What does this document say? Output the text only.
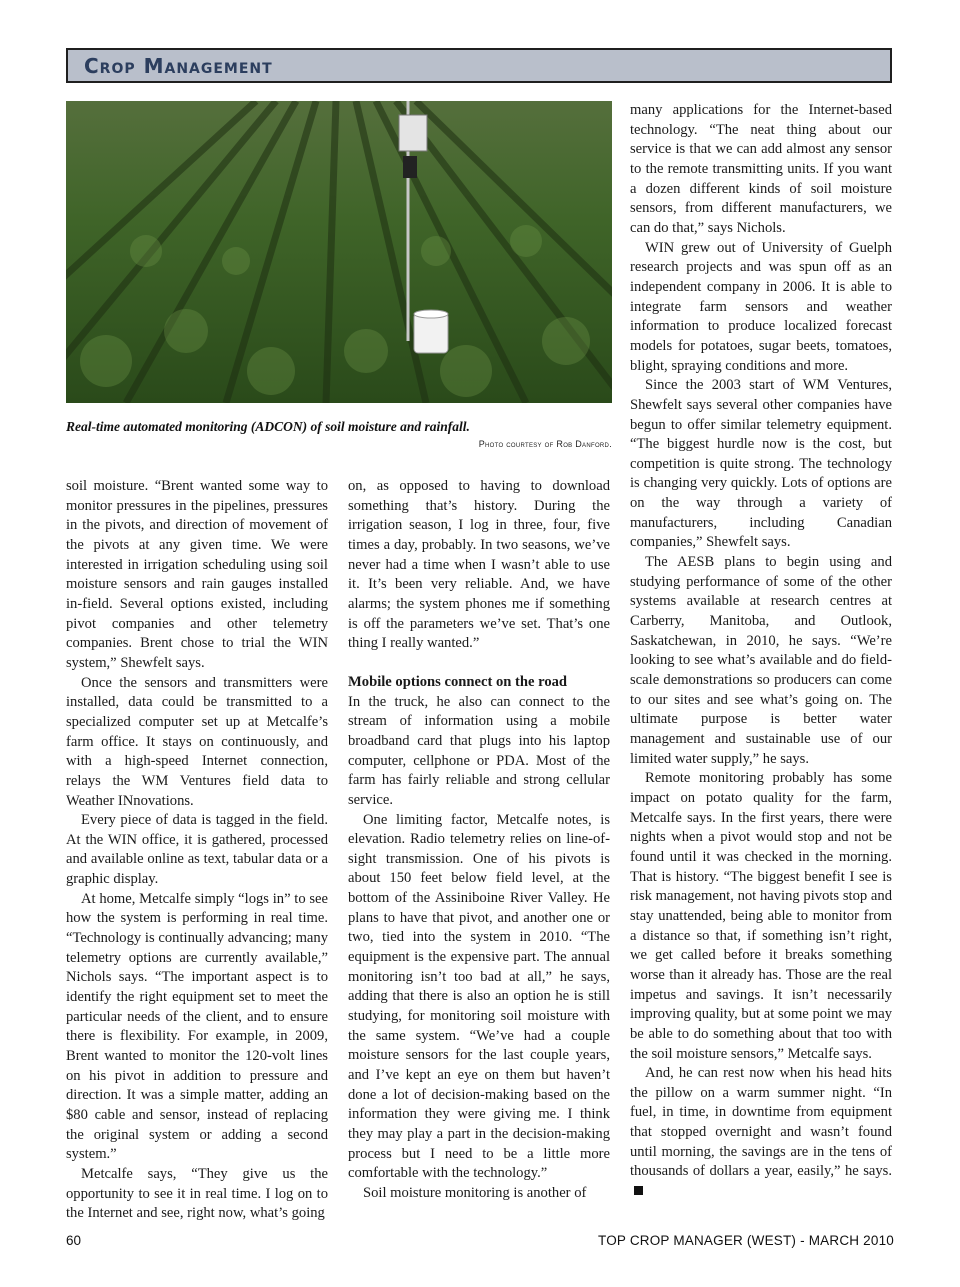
Crop Management
Real-time automated monitoring (ADCON) of soil moisture and rainfall.
Photo courtesy of Rob Danford.

soil moisture. “Brent wanted some way to monitor pressures in the pipelines, pressures in the pivots, and direction of movement of the pivots at any given time. We were interested in irrigation scheduling using soil moisture sensors and rain gauges installed in-field. Several options existed, including pivot companies and other telemetry companies. Brent chose to trial the WIN system,” Shewfelt says.

Once the sensors and transmitters were installed, data could be transmitted to a specialized computer set up at Metcalfe’s farm office. It stays on continuously, and with a high-speed Internet connection, relays the WM Ventures field data to Weather INnovations.

Every piece of data is tagged in the field. At the WIN office, it is gathered, processed and available online as text, tabular data or a graphic display.

At home, Metcalfe simply “logs in” to see how the system is performing in real time. “Technology is continually advancing; many telemetry options are currently available,” Nichols says. “The important aspect is to identify the right equipment set to meet the particular needs of the client, and to ensure there is flexibility. For example, in 2009, Brent wanted to monitor the 120-volt lines on his pivot in addition to pressure and direction. It was a simple matter, adding an $80 cable and sensor, instead of replacing the original system or adding a second system.”

Metcalfe says, “They give us the opportunity to see it in real time. I log on to the Internet and see, right now, what’s going

on, as opposed to having to download something that’s history. During the irrigation season, I log in three, four, five times a day, probably. In two seasons, we’ve never had a time when I wasn’t able to use it. It’s been very reliable. And, we have alarms; the system phones me if something is off the parameters we’ve set. That’s one thing I really wanted.”

Mobile options connect on the road

In the truck, he also can connect to the stream of information using a mobile broadband card that plugs into his laptop computer, cellphone or PDA. Most of the farm has fairly reliable and strong cellular service.

One limiting factor, Metcalfe notes, is elevation. Radio telemetry relies on line-of-sight transmission. One of his pivots is about 150 feet below field level, at the bottom of the Assiniboine River Valley. He plans to have that pivot, and another one or two, tied into the system in 2010. “The equipment is the expensive part. The annual monitoring isn’t too bad at all,” he says, adding that there is also an option he is still studying, for monitoring soil moisture with the same system. “We’ve had a couple moisture sensors for the last couple years, and I’ve kept an eye on them but haven’t done a lot of decision-making based on the information they were giving me. I think they may play a part in the decision-making process but I need to be a little more comfortable with the technology.”

Soil moisture monitoring is another of

many applications for the Internet-based technology. “The neat thing about our service is that we can add almost any sensor to the remote transmitting units. If you want a dozen different kinds of soil moisture sensors, from different manufacturers, we can do that,” says Nichols.

WIN grew out of University of Guelph research projects and was spun off as an independent company in 2006. It is able to integrate farm sensors and weather information to produce localized forecast models for potatoes, sugar beets, tomatoes, blight, spraying conditions and more.

Since the 2003 start of WM Ventures, Shewfelt says several other companies have begun to offer similar telemetry equipment. “The biggest hurdle now is the cost, but competition is quite strong. The technology is changing very quickly. Lots of options are on the way through a variety of manufacturers, including Canadian companies,” Shewfelt says.

The AESB plans to begin using and studying performance of some of the other systems available at research centres at Carberry, Manitoba, and Outlook, Saskatchewan, in 2010, he says. “We’re looking to see what’s available and do field-scale demonstrations so producers can come to our sites and see what’s going on. The ultimate purpose is better water management and sustainable use of our limited water supply,” he says.

Remote monitoring probably has some impact on potato quality for the farm, Metcalfe says. In the first years, there were nights when a pivot would stop and not be found until it was checked in the morning. That is history. “The biggest benefit I see is risk management, not having pivots stop and stay unattended, being able to monitor from a distance so that, if something isn’t right, we get called before it breaks something worse than it already has. Those are the real impetus and savings. It isn’t necessarily improving quality, but at some point we may be able to do something about that too with the soil moisture sensors,” Metcalfe says.

And, he can rest now when his head hits the pillow on a warm summer night. “In fuel, in time, in downtime from equipment that stopped overnight and wasn’t found until morning, the savings are in the tens of thousands of dollars a year, easily,” he says.

60	TOP CROP MANAGER (WEST) - MARCH 2010
